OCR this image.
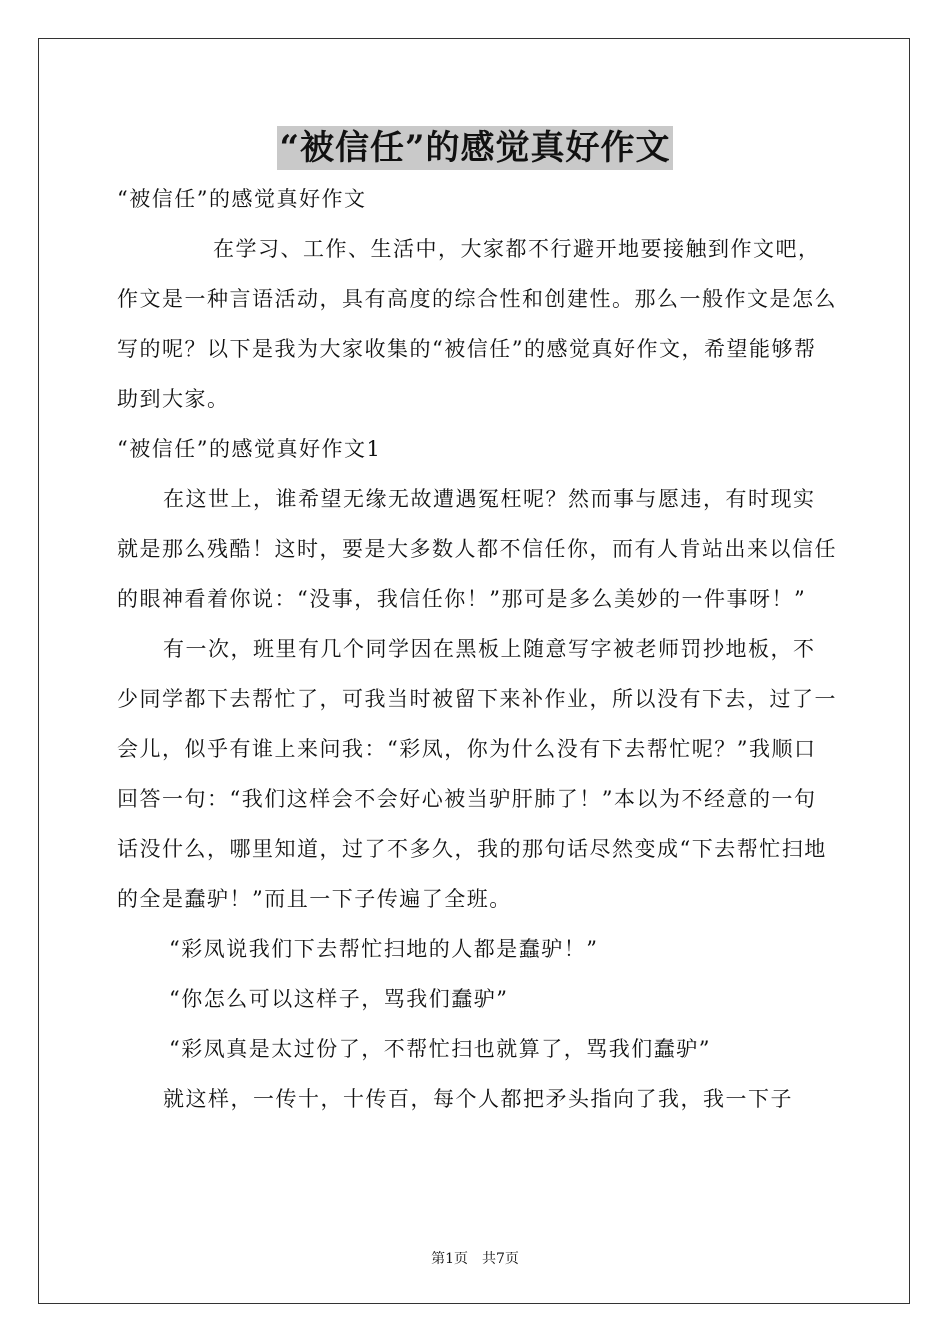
“被信任”的感觉真好作文

“被信任”的感觉真好作文

在学习、工作、生活中，大家都不行避开地要接触到作文吧，作文是一种言语活动，具有高度的综合性和创建性。那么一般作文是怎么写的呢？以下是我为大家收集的“被信任”的感觉真好作文，希望能够帮助到大家。

“被信任”的感觉真好作文1

在这世上，谁希望无缘无故遭遇冤枉呢？然而事与愿违，有时现实就是那么残酷！这时，要是大多数人都不信任你，而有人肯站出来以信任的眼神看着你说：“没事，我信任你！”那可是多么美妙的一件事呀！”

有一次，班里有几个同学因在黑板上随意写字被老师罚抄地板，不少同学都下去帮忙了，可我当时被留下来补作业，所以没有下去，过了一会儿，似乎有谁上来问我：“彩凤，你为什么没有下去帮忙呢？”我顺口回答一句：“我们这样会不会好心被当驴肝肺了！”本以为不经意的一句话没什么，哪里知道，过了不多久，我的那句话尽然变成“下去帮忙扫地的全是蠢驴！”而且一下子传遍了全班。

“彩凤说我们下去帮忙扫地的人都是蠢驴！”

“你怎么可以这样子，骂我们蠢驴”

“彩凤真是太过份了，不帮忙扫也就算了，骂我们蠢驴”

就这样，一传十，十传百，每个人都把矛头指向了我，我一下子

第1页　共7页
